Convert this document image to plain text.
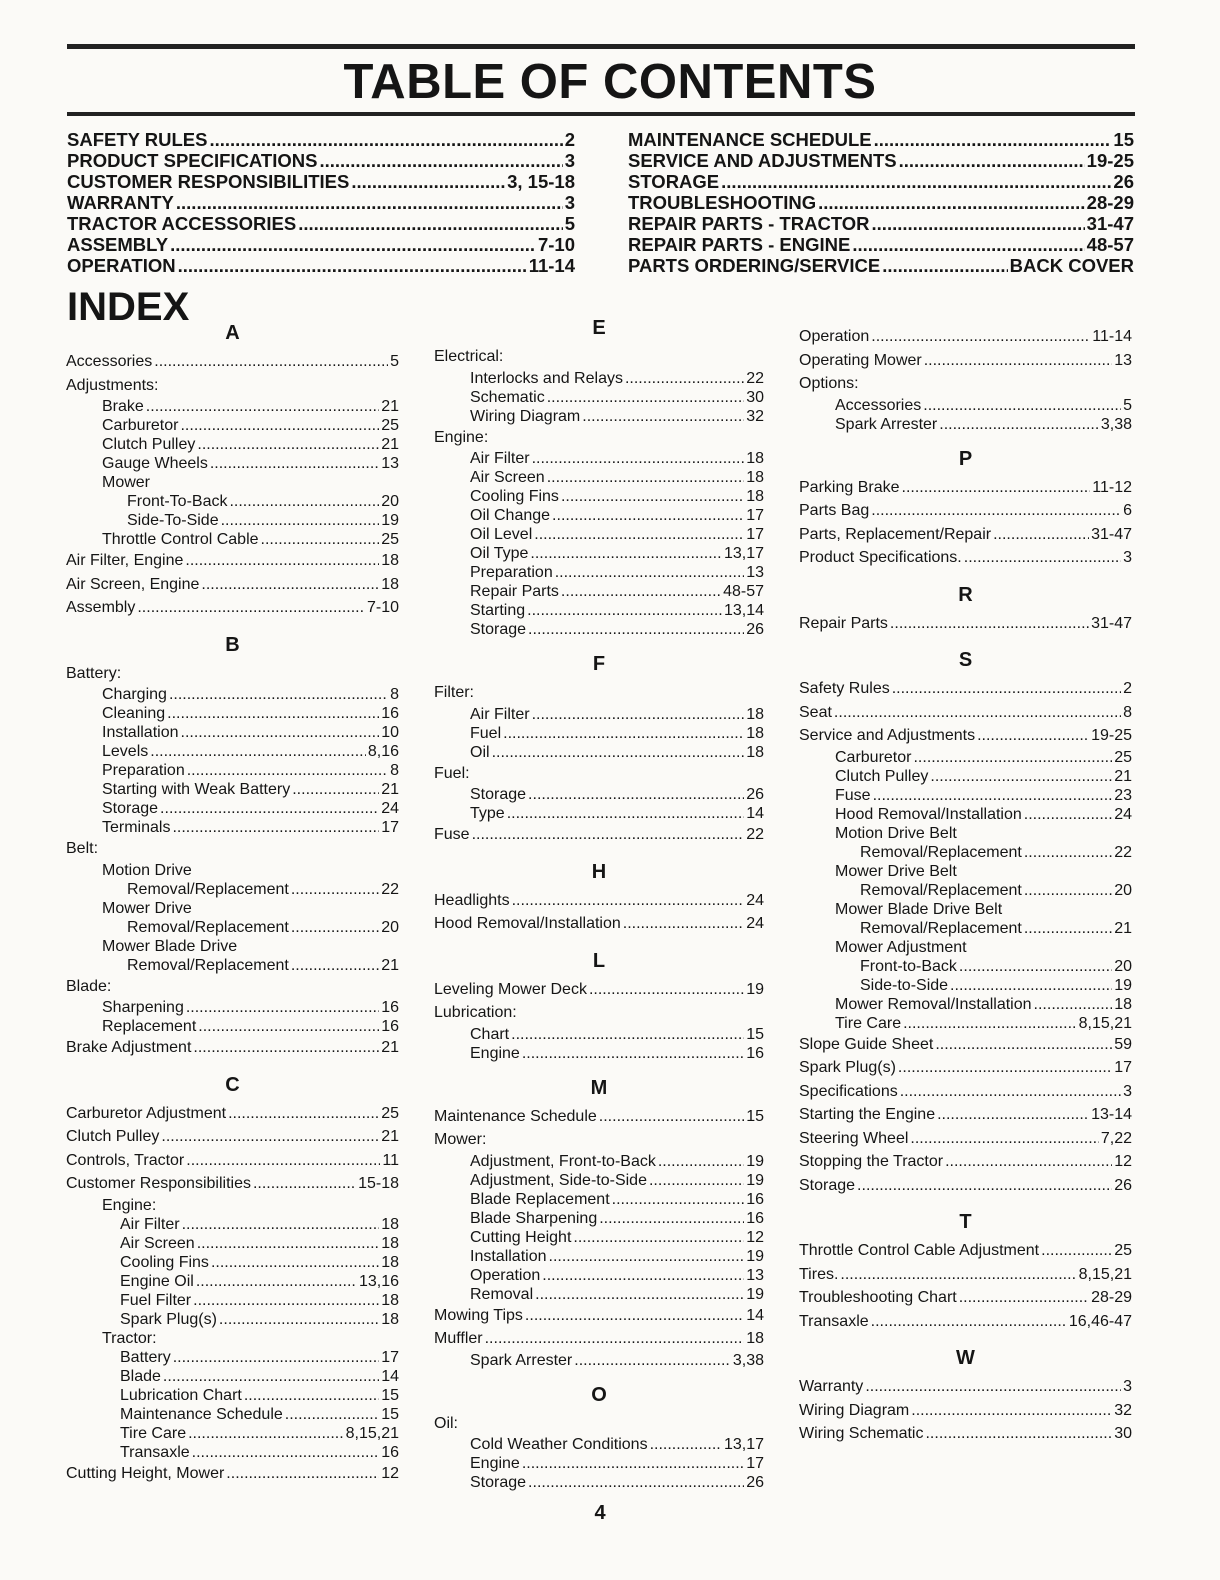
TABLE OF CONTENTS
SAFETY RULES .....	2
PRODUCT SPECIFICATIONS .....	3
CUSTOMER RESPONSIBILITIES .....	3, 15-18
WARRANTY .....	3
TRACTOR ACCESSORIES .....	5
ASSEMBLY .....	7-10
OPERATION .....	11-14
MAINTENANCE SCHEDULE .....	15
SERVICE AND ADJUSTMENTS .....	19-25
STORAGE .....	26
TROUBLESHOOTING .....	28-29
REPAIR PARTS - TRACTOR .....	31-47
REPAIR PARTS - ENGINE .....	48-57
PARTS ORDERING/SERVICE .....	BACK COVER
INDEX
A
Accessories .....	5
Adjustments:
Brake .....	21
Carburetor .....	25
Clutch Pulley .....	21
Gauge Wheels .....	13
Mower
Front-To-Back .....	20
Side-To-Side .....	19
Throttle Control Cable .....	25
Air Filter, Engine .....	18
Air Screen, Engine .....	18
Assembly .....	7-10
B
Battery:
Charging .....	8
Cleaning .....	16
Installation .....	10
Levels .....	8,16
Preparation .....	8
Starting with Weak Battery .....	21
Storage .....	24
Terminals .....	17
Belt:
Motion Drive
Removal/Replacement .....	22
Mower Drive
Removal/Replacement .....	20
Mower Blade Drive
Removal/Replacement .....	21
Blade:
Sharpening .....	16
Replacement .....	16
Brake Adjustment .....	21
C
Carburetor Adjustment .....	25
Clutch Pulley .....	21
Controls, Tractor .....	11
Customer Responsibilities .....	15-18
Engine:
Air Filter .....	18
Air Screen .....	18
Cooling Fins .....	18
Engine Oil .....	13,16
Fuel Filter .....	18
Spark Plug(s) .....	18
Tractor:
Battery .....	17
Blade .....	14
Lubrication Chart .....	15
Maintenance Schedule .....	15
Tire Care .....	8,15,21
Transaxle .....	16
Cutting Height, Mower .....	12
E
Electrical:
Interlocks and Relays .....	22
Schematic .....	30
Wiring Diagram .....	32
Engine:
Air Filter .....	18
Air Screen .....	18
Cooling Fins .....	18
Oil Change .....	17
Oil Level .....	17
Oil Type .....	13,17
Preparation .....	13
Repair Parts .....	48-57
Starting .....	13,14
Storage .....	26
F
Filter:
Air Filter .....	18
Fuel .....	18
Oil .....	18
Fuel:
Storage .....	26
Type .....	14
Fuse .....	22
H
Headlights .....	24
Hood Removal/Installation .....	24
L
Leveling Mower Deck .....	19
Lubrication:
Chart .....	15
Engine .....	16
M
Maintenance Schedule .....	15
Mower:
Adjustment, Front-to-Back .....	19
Adjustment, Side-to-Side .....	19
Blade Replacement .....	16
Blade Sharpening .....	16
Cutting Height .....	12
Installation .....	19
Operation .....	13
Removal .....	19
Mowing Tips .....	14
Muffler .....	18
Spark Arrester .....	3,38
O
Oil:
Cold Weather Conditions .....	13,17
Engine .....	17
Storage .....	26
Operation .....	11-14
Operating Mower .....	13
Options:
Accessories .....	5
Spark Arrester .....	3,38
P
Parking Brake .....	11-12
Parts Bag .....	6
Parts, Replacement/Repair .....	31-47
Product Specifications. .....	3
R
Repair Parts .....	31-47
S
Safety Rules .....	2
Seat .....	8
Service and Adjustments .....	19-25
Carburetor .....	25
Clutch Pulley .....	21
Fuse .....	23
Hood Removal/Installation .....	24
Motion Drive Belt
Removal/Replacement .....	22
Mower Drive Belt
Removal/Replacement .....	20
Mower Blade Drive Belt
Removal/Replacement .....	21
Mower Adjustment
Front-to-Back .....	20
Side-to-Side .....	19
Mower Removal/Installation .....	18
Tire Care .....	8,15,21
Slope Guide Sheet .....	59
Spark Plug(s) .....	17
Specifications .....	3
Starting the Engine .....	13-14
Steering Wheel .....	7,22
Stopping the Tractor .....	12
Storage .....	26
T
Throttle Control Cable Adjustment .....	25
Tires. .....	8,15,21
Troubleshooting Chart .....	28-29
Transaxle .....	16,46-47
W
Warranty .....	3
Wiring Diagram .....	32
Wiring Schematic .....	30
4
